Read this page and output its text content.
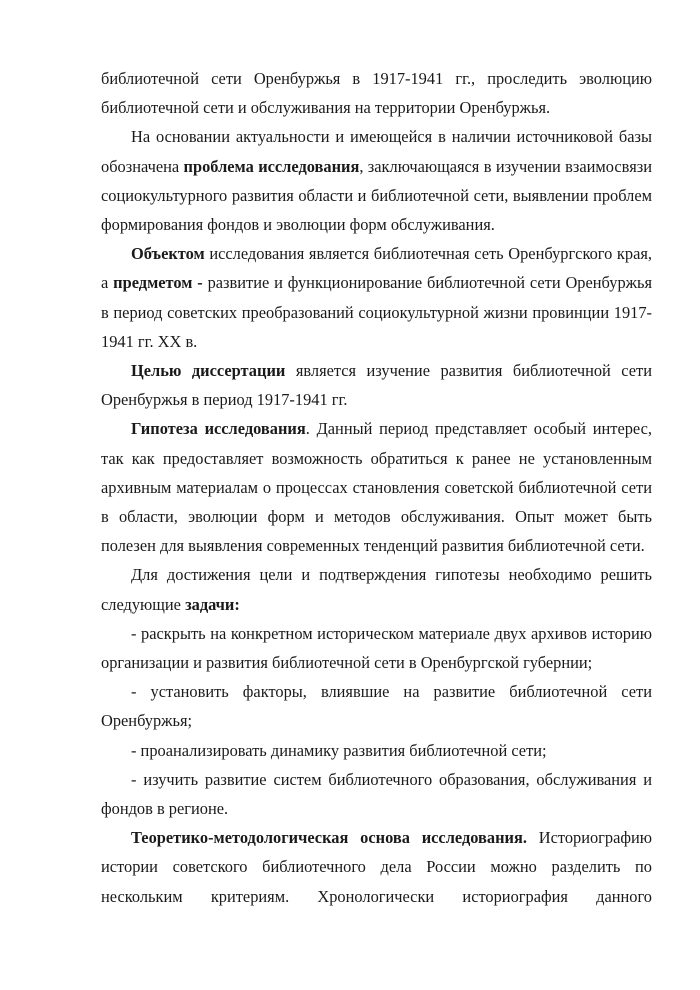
библиотечной сети Оренбуржья в 1917-1941 гг., проследить эволюцию библиотечной сети и обслуживания на территории Оренбуржья.

На основании актуальности и имеющейся в наличии источниковой базы обозначена проблема исследования, заключающаяся в изучении взаимосвязи социокультурного развития области и библиотечной сети, выявлении проблем формирования фондов и эволюции форм обслуживания.

Объектом исследования является библиотечная сеть Оренбургского края, а предметом - развитие и функционирование библиотечной сети Оренбуржья в период советских преобразований социокультурной жизни провинции 1917-1941 гг. XX в.

Целью диссертации является изучение развития библиотечной сети Оренбуржья в период 1917-1941 гг.

Гипотеза исследования. Данный период представляет особый интерес, так как предоставляет возможность обратиться к ранее не установленным архивным материалам о процессах становления советской библиотечной сети в области, эволюции форм и методов обслуживания. Опыт может быть полезен для выявления современных тенденций развития библиотечной сети.

Для достижения цели и подтверждения гипотезы необходимо решить следующие задачи:

- раскрыть на конкретном историческом материале двух архивов историю организации и развития библиотечной сети в Оренбургской губернии;

- установить факторы, влиявшие на развитие библиотечной сети Оренбуржья;

- проанализировать динамику развития библиотечной сети;

- изучить развитие систем библиотечного образования, обслуживания и фондов в регионе.

Теоретико-методологическая основа исследования. Историографию истории советского библиотечного дела России можно разделить по нескольким критериям. Хронологически историография данного
